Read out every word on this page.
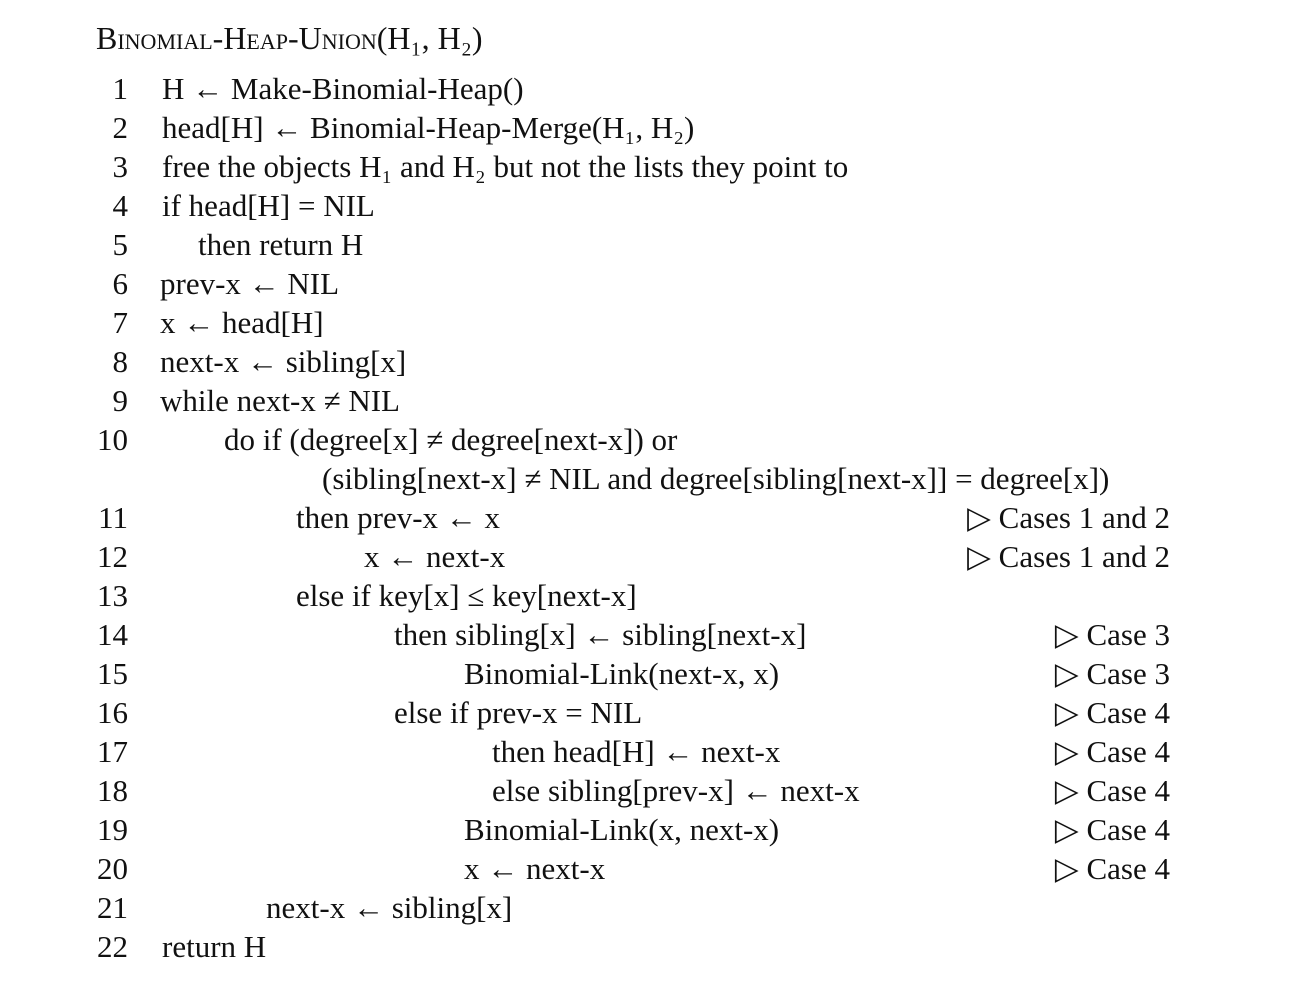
Binomial-Heap-Union(H₁, H₂)
1 H ← Make-Binomial-Heap()
2 head[H] ← Binomial-Heap-Merge(H₁, H₂)
3 free the objects H₁ and H₂ but not the lists they point to
4 if head[H] = NIL
5 then return H
6 prev-x ← NIL
7 x ← head[H]
8 next-x ← sibling[x]
9 while next-x ≠ NIL
10	do if (degree[x] ≠ degree[next-x]) or
(sibling[next-x] ≠ NIL and degree[sibling[next-x]] = degree[x])
11	then prev-x ← x	▷ Cases 1 and 2
12	x ← next-x	▷ Cases 1 and 2
13	else if key[x] ≤ key[next-x]
14	then sibling[x] ← sibling[next-x]	▷ Case 3
15	Binomial-Link(next-x, x)	▷ Case 3
16	else if prev-x = NIL	▷ Case 4
17	then head[H] ← next-x	▷ Case 4
18	else sibling[prev-x] ← next-x	▷ Case 4
19	Binomial-Link(x, next-x)	▷ Case 4
20	x ← next-x	▷ Case 4
21	next-x ← sibling[x]
22 return H
